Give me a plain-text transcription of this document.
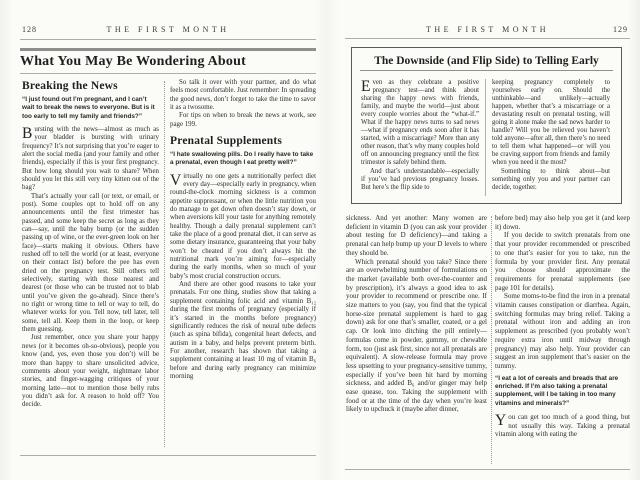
128	THE FIRST MONTH
What You May Be Wondering About
Breaking the News

“I just found out I’m pregnant, and I can’t wait to break the news to everyone. But is it too early to tell my family and friends?”

Bursting with the news—almost as much as your bladder is bursting with urinary frequency? It’s not surprising that you’re eager to alert the social media (and your family and other friends), especially if this is your first pregnancy. But how long should you wait to share? When should you let this still very tiny kitten out of the bag?

That’s actually your call (or text, or email, or post). Some couples opt to hold off on any announcements until the first trimester has passed, and some keep the secret as long as they can—say, until the baby bump (or the sudden passing up of wine, or the ever-green look on her face)—starts making it obvious. Others have rushed off to tell the world (or at least, everyone on their contact list) before the pee has even dried on the pregnancy test. Still others tell selectively, starting with those nearest and dearest (or those who can be trusted not to blab until you’ve given the go-ahead). Since there’s no right or wrong time to tell or way to tell, do whatever works for you. Tell now, tell later, tell some, tell all. Keep them in the loop, or keep them guessing.

Just remember, once you share your happy news (or it becomes oh-so-obvious), people you know (and, yes, even those you don’t) will be more than happy to share unsolicited advice, comments about your weight, nightmare labor stories, and finger-wagging critiques of your morning latte—not to mention those belly rubs you didn’t ask for. A reason to hold off? You decide.

So talk it over with your partner, and do what feels most comfortable. Just remember: In spreading the good news, don’t forget to take the time to savor it as a twosome.

For tips on when to break the news at work, see page 199.

Prenatal Supplements

“I hate swallowing pills. Do I really have to take a prenatal, even though I eat pretty well?”

Virtually no one gets a nutritionally perfect diet every day—especially early in pregnancy, when round-the-clock morning sickness is a common appetite suppressant, or when the little nutrition you do manage to get down often doesn’t stay down, or when aversions kill your taste for anything remotely healthy. Though a daily prenatal supplement can’t take the place of a good prenatal diet, it can serve as some dietary insurance, guaranteeing that your baby won’t be cheated if you don’t always hit the nutritional mark you’re aiming for—especially during the early months, when so much of your baby’s most crucial construction occurs.

And there are other good reasons to take your prenatals. For one thing, studies show that taking a supplement containing folic acid and vitamin B₁₂ during the first months of pregnancy (especially if it’s started in the months before pregnancy) significantly reduces the risk of neural tube defects (such as spina bifida), congenital heart defects, and autism in a baby, and helps prevent preterm birth. For another, research has shown that taking a supplement containing at least 10 mg of vitamin B₆ before and during early pregnancy can minimize morning

THE FIRST MONTH	129
The Downside (and Flip Side) to Telling Early

Even as they celebrate a positive pregnancy test—and think about sharing the happy news with friends, family, and maybe the world—just about every couple worries about the “what-if.” What if the happy news turns to sad news—what if pregnancy ends soon after it has started, with a miscarriage? More than any other reason, that’s why many couples hold off on announcing pregnancy until the first trimester is safely behind them.

And that’s understandable—especially if you’ve had previous pregnancy losses. But here’s the flip side to

keeping pregnancy completely to yourselves early on. Should the unthinkable—and unlikely—actually happen, whether that’s a miscarriage or a devastating result on prenatal testing, will going it alone make the sad news harder to handle? Will you be relieved you haven’t told anyone—after all, then there’s no need to tell them what happened—or will you be craving support from friends and family when you need it the most?

Something to think about—but something only you and your partner can decide, together.

sickness. And yet another: Many women are deficient in vitamin D (you can ask your provider about testing for D deficiency)—and taking a prenatal can help bump up your D levels to where they should be.

Which prenatal should you take? Since there are an overwhelming number of formulations on the market (available both over-the-counter and by prescription), it’s always a good idea to ask your provider to recommend or prescribe one. If size matters to you (say, you find that the typical horse-size prenatal supplement is hard to gag down) ask for one that’s smaller, coated, or a gel cap. Or look into ditching the pill entirely—formulas come in powder, gummy, or chewable form, too (just ask first, since not all prenatals are equivalent). A slow-release formula may prove less upsetting to your pregnancy-sensitive tummy, especially if you’ve been hit hard by morning sickness, and added B₆ and/or ginger may help ease quease, too. Taking the supplement with food or at the time of the day when you’re least likely to upchuck it (maybe after dinner,

before bed) may also help you get it (and keep it) down.

If you decide to switch prenatals from one that your provider recommended or prescribed to one that’s easier for you to take, run the formula by your provider first. Any prenatal you choose should approximate the requirements for prenatal supplements (see page 101 for details).

Some moms-to-be find the iron in a prenatal vitamin causes constipation or diarrhea. Again, switching formulas may bring relief. Taking a prenatal without iron and adding an iron supplement as prescribed (you probably won’t require extra iron until midway through pregnancy) may also help. Your provider can suggest an iron supplement that’s easier on the tummy.

“I eat a lot of cereals and breads that are enriched. If I’m also taking a prenatal supplement, will I be taking in too many vitamins and minerals?”

You can get too much of a good thing, but not usually this way. Taking a prenatal vitamin along with eating the
